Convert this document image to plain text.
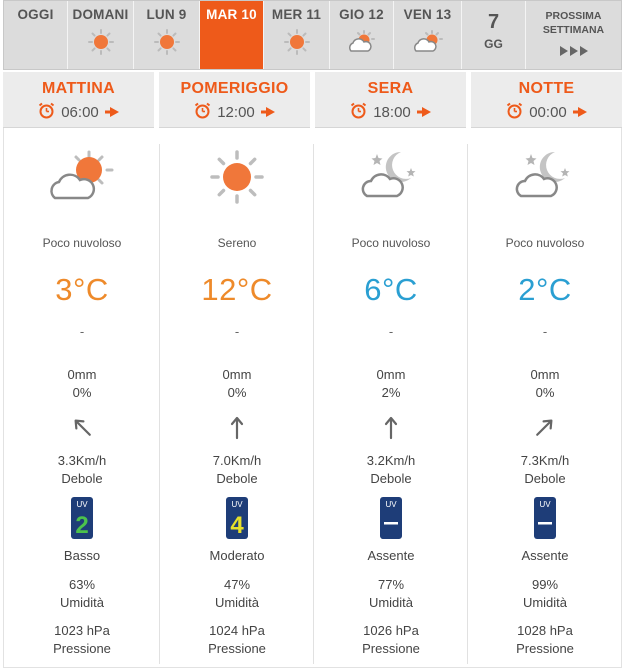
OGGI	DOMANI	LUN 9	MAR 10	MER 11	GIO 12	VEN 13	7
GG
PROSSIMA
SETTIMANA
MATTINA
06:00
POMERIGGIO
12:00
SERA
18:00
NOTTE
00:00
Poco nuvoloso
3°C
-
0mm
0%
3.3Km/h
Debole
UV
2
Basso
63%
Umidità
1023 hPa
Pressione
Sereno
12°C
-
0mm
0%
7.0Km/h
Debole
UV
4
Moderato
47%
Umidità
1024 hPa
Pressione
Poco nuvoloso
6°C
-
0mm
2%
3.2Km/h
Debole
UV
Assente
77%
Umidità
1026 hPa
Pressione
Poco nuvoloso
2°C
-
0mm
0%
7.3Km/h
Debole
UV
Assente
99%
Umidità
1028 hPa
Pressione
